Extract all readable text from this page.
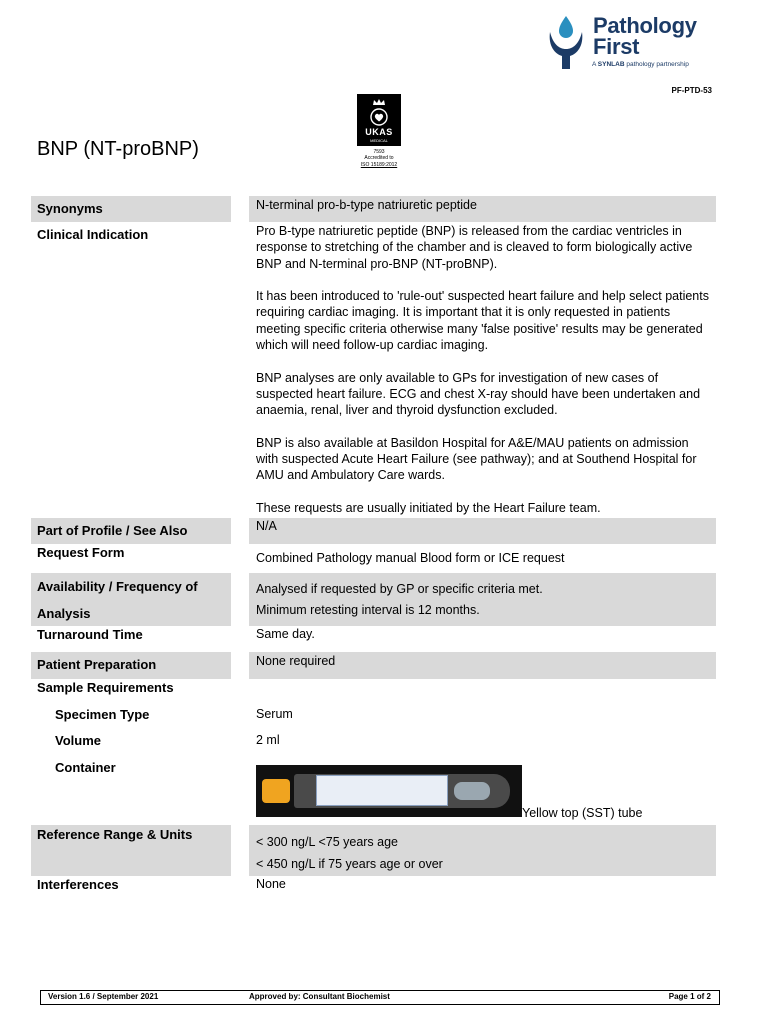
Pathology
First
A SYNLAB pathology partnership
PF-PTD-53
UKAS
MEDICAL
7593
Accredited to
ISO 15189:2012
BNP (NT-proBNP)
Synonyms	N-terminal pro-b-type natriuretic peptide
Clinical Indication	Pro B-type natriuretic peptide (BNP) is released from the cardiac ventricles in response to stretching of the chamber and is cleaved to form biologically active BNP and N-terminal pro-BNP (NT-proBNP).

It has been introduced to 'rule-out' suspected heart failure and help select patients requiring cardiac imaging. It is important that it is only requested in patients meeting specific criteria otherwise many 'false positive' results may be generated which will need follow-up cardiac imaging.

BNP analyses are only available to GPs for investigation of new cases of suspected heart failure. ECG and chest X-ray should have been undertaken and anaemia, renal, liver and thyroid dysfunction excluded.

BNP is also available at Basildon Hospital for A&E/MAU patients on admission with suspected Acute Heart Failure (see pathway); and at Southend Hospital for AMU and Ambulatory Care wards.

These requests are usually initiated by the Heart Failure team.

Part of Profile / See Also	N/A
Request Form	Combined Pathology manual Blood form or ICE request
Availability / Frequency of
Analysis
Analysed if requested by GP or specific criteria met.
Minimum retesting interval is 12 months.
Turnaround Time	Same day.
Patient Preparation	None required
Sample Requirements
Specimen Type	Serum
Volume	2 ml
Container
Yellow top (SST) tube
Reference Range & Units	< 300 ng/L <75 years age
< 450 ng/L if 75 years age or over
Interferences	None
Version 1.6 / September 2021	Approved by: Consultant Biochemist	Page 1 of 2
